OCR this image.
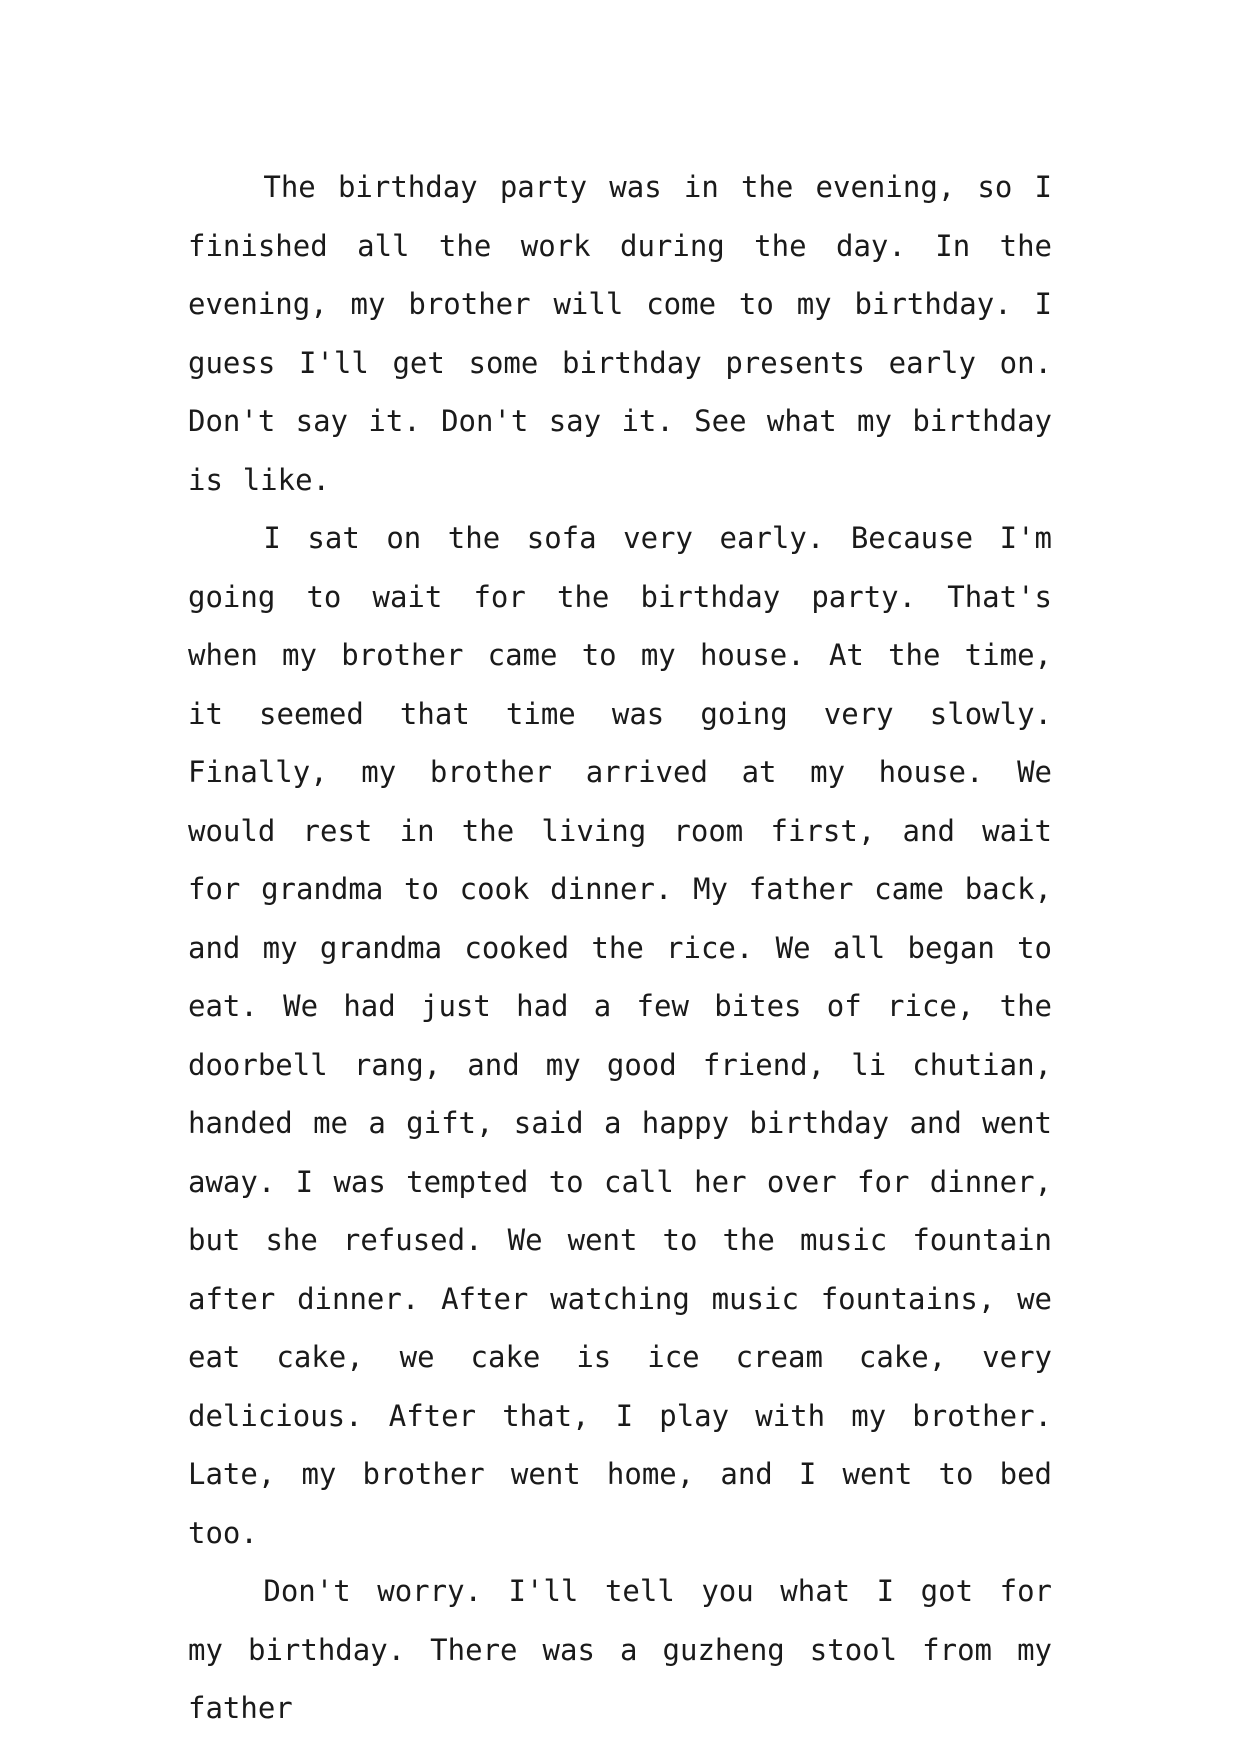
The birthday party was in the evening, so I finished all the work during the day. In the evening, my brother will come to my birthday. I guess I'll get some birthday presents early on. Don't say it. Don't say it. See what my birthday is like.

I sat on the sofa very early. Because I'm going to wait for the birthday party. That's when my brother came to my house. At the time, it seemed that time was going very slowly. Finally, my brother arrived at my house. We would rest in the living room first, and wait for grandma to cook dinner. My father came back, and my grandma cooked the rice. We all began to eat. We had just had a few bites of rice, the doorbell rang, and my good friend, li chutian, handed me a gift, said a happy birthday and went away. I was tempted to call her over for dinner, but she refused. We went to the music fountain after dinner. After watching music fountains, we eat cake, we cake is ice cream cake, very delicious. After that, I play with my brother. Late, my brother went home, and I went to bed too.

Don't worry. I'll tell you what I got for my birthday. There was a guzheng stool from my father
